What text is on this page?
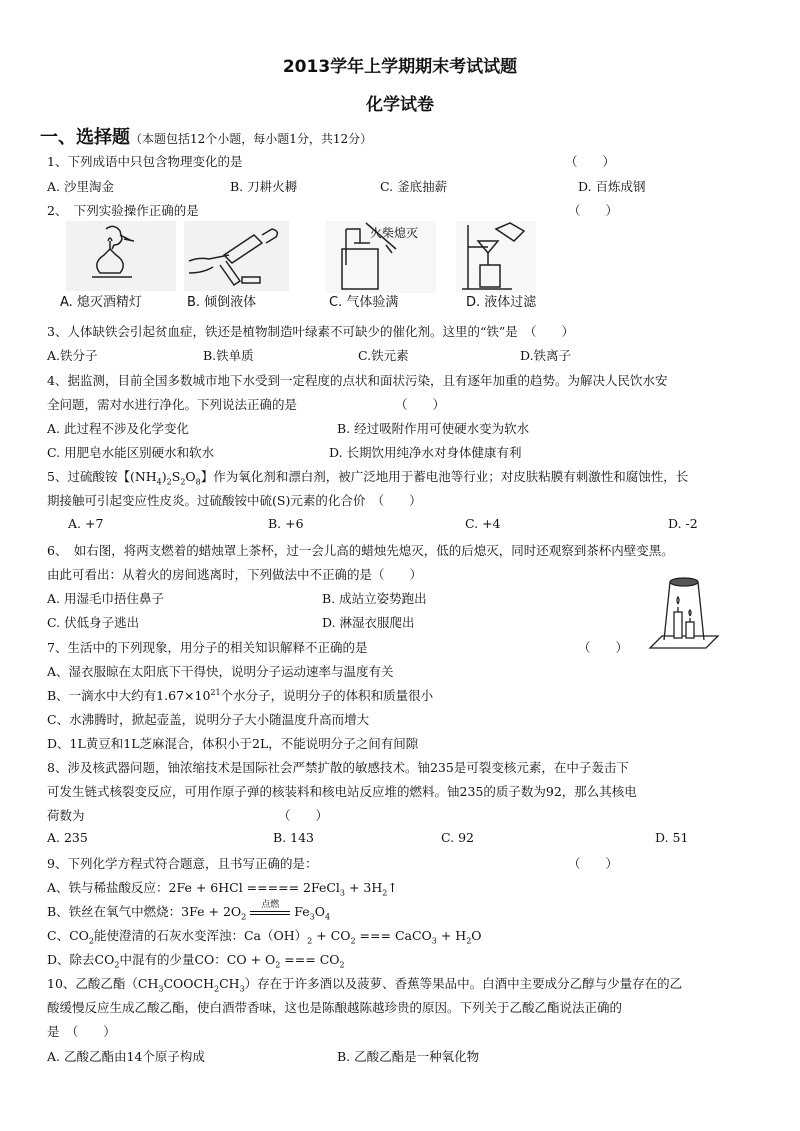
2013学年上学期期末考试试题
化学试卷
一、选择题（本题包括12个小题，每小题1分，共12分）
1、下列成语中只包含物理变化的是	（　　）
A. 沙里淘金	B. 刀耕火耨	C. 釜底抽薪	D. 百炼成钢
2、　下列实验操作正确的是	（　　）
火柴熄灭
A. 熄灭酒精灯	B. 倾倒液体	C. 气体验满	D. 液体过滤
3、人体缺铁会引起贫血症，铁还是植物制造叶绿素不可缺少的催化剂。这里的“铁”是　（　　）
A.铁分子	B.铁单质	C.铁元素	D.铁离子
4、据监测，目前全国多数城市地下水受到一定程度的点状和面状污染，且有逐年加重的趋势。为解决人民饮水安
全问题，需对水进行净化。下列说法正确的是	（　　）
A. 此过程不涉及化学变化	B. 经过吸附作用可使硬水变为软水
C. 用肥皂水能区别硬水和软水	D. 长期饮用纯净水对身体健康有利
5、过硫酸铵【$(NH_4)_2S_2O_8$】作为氧化剂和漂白剂，被广泛地用于蓄电池等行业；对皮肤粘膜有刺激性和腐蚀性，长
期接触可引起变应性皮炎。过硫酸铵中硫(S)元素的化合价　（　　）
A. +7	B. +6	C. +4	D. -2
6、　如右图，将两支燃着的蜡烛罩上茶杯，过一会儿高的蜡烛先熄灭，低的后熄灭，同时还观察到茶杯内壁变黑。
由此可看出：从着火的房间逃离时，下列做法中不正确的是（　　）
A. 用湿毛巾捂住鼻子	B. 成站立姿势跑出
C. 伏低身子逃出	D. 淋湿衣服爬出
7、生活中的下列现象，用分子的相关知识解释不正确的是	（　　）
A、湿衣服晾在太阳底下干得快，说明分子运动速率与温度有关
B、一滴水中大约有$1.67\times 10^{21}$个水分子，说明分子的体积和质量很小
C、水沸腾时，掀起壶盖，说明分子大小随温度升高而增大
D、1L黄豆和1L芝麻混合，体积小于2L，不能说明分子之间有间隙
8、涉及核武器问题，铀浓缩技术是国际社会严禁扩散的敏感技术。铀235是可裂变核元素，在中子轰击下
可发生链式核裂变反应，可用作原子弹的核装料和核电站反应堆的燃料。铀235的质子数为92，那么其核电
荷数为	（　　）
A. 235	B. 143	C. 92	D. 51
9、下列化学方程式符合题意，且书写正确的是：	（　　）
A、铁与稀盐酸反应：2Fe + 6HCl ===== 2FeCl$_3$ + $3H_2↑$
B、铁丝在氧气中燃烧：$3Fe + 2O_2$
点燃 $Fe_3O_4$
C、$CO_2$能使澄清的石灰水变浑浊：$Ca(OH)_2 + CO_2$ === CaCO$_3$ + $H_2O$
D、除去$CO_2$中混有的少量CO：CO + $O_2$ === $CO_2$
10、乙酸乙酯$(CH_3COOCH_2CH_3)$存在于许多酒以及菠萝、香蕉等果品中。白酒中主要成分乙醇与少量存在的乙
酸缓慢反应生成乙酸乙酯，使白酒带香味，这也是陈酿越陈越珍贵的原因。下列关于乙酸乙酯说法正确的
是　（　　）
A. 乙酸乙酯由14个原子构成	B. 乙酸乙酯是一种氧化物
